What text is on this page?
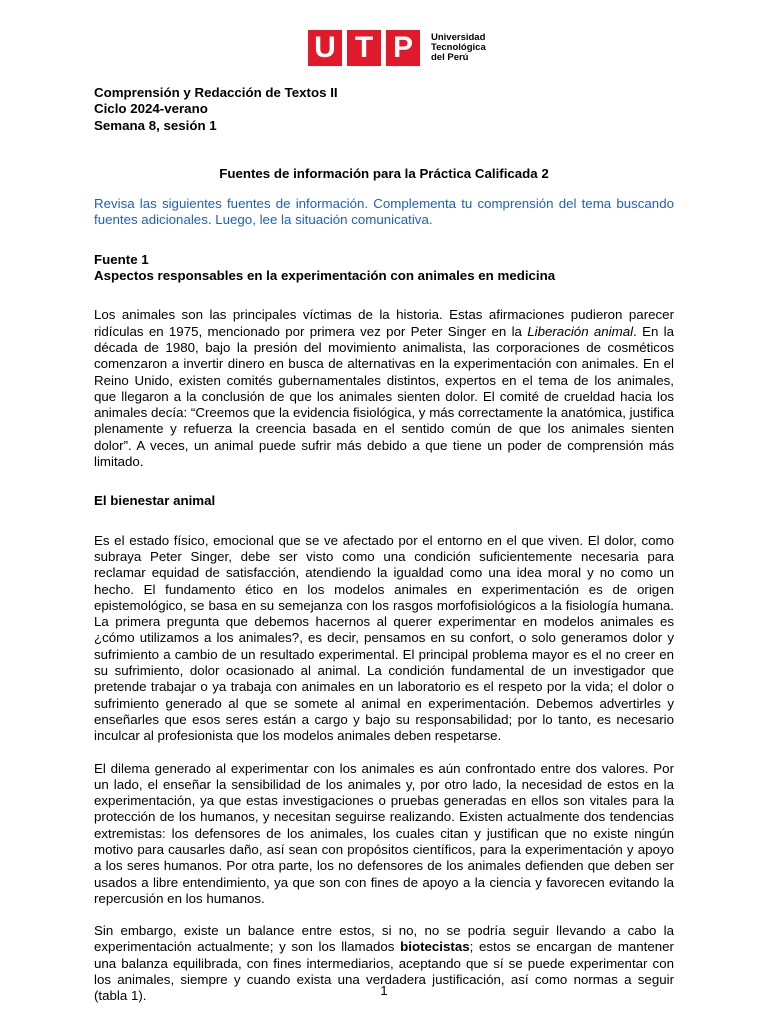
U T P	Universidad
Tecnológica
del Perú
Comprensión y Redacción de Textos II
Ciclo 2024-verano
Semana 8, sesión 1
Fuentes de información para la Práctica Calificada 2

Revisa las siguientes fuentes de información. Complementa tu comprensión del tema buscando fuentes adicionales. Luego, lee la situación comunicativa.

Fuente 1
Aspectos responsables en la experimentación con animales en medicina

Los animales son las principales víctimas de la historia. Estas afirmaciones pudieron parecer ridículas en 1975, mencionado por primera vez por Peter Singer en la Liberación animal. En la década de 1980, bajo la presión del movimiento animalista, las corporaciones de cosméticos comenzaron a invertir dinero en busca de alternativas en la experimentación con animales. En el Reino Unido, existen comités gubernamentales distintos, expertos en el tema de los animales, que llegaron a la conclusión de que los animales sienten dolor. El comité de crueldad hacia los animales decía: “Creemos que la evidencia fisiológica, y más correctamente la anatómica, justifica plenamente y refuerza la creencia basada en el sentido común de que los animales sienten dolor”. A veces, un animal puede sufrir más debido a que tiene un poder de comprensión más limitado.

El bienestar animal

Es el estado físico, emocional que se ve afectado por el entorno en el que viven. El dolor, como subraya Peter Singer, debe ser visto como una condición suficientemente necesaria para reclamar equidad de satisfacción, atendiendo la igualdad como una idea moral y no como un hecho. El fundamento ético en los modelos animales en experimentación es de origen epistemológico, se basa en su semejanza con los rasgos morfofisiológicos a la fisiología humana. La primera pregunta que debemos hacernos al querer experimentar en modelos animales es ¿cómo utilizamos a los animales?, es decir, pensamos en su confort, o solo generamos dolor y sufrimiento a cambio de un resultado experimental. El principal problema mayor es el no creer en su sufrimiento, dolor ocasionado al animal. La condición fundamental de un investigador que pretende trabajar o ya trabaja con animales en un laboratorio es el respeto por la vida; el dolor o sufrimiento generado al que se somete al animal en experimentación. Debemos advertirles y enseñarles que esos seres están a cargo y bajo su responsabilidad; por lo tanto, es necesario inculcar al profesionista que los modelos animales deben respetarse.

El dilema generado al experimentar con los animales es aún confrontado entre dos valores. Por un lado, el enseñar la sensibilidad de los animales y, por otro lado, la necesidad de estos en la experimentación, ya que estas investigaciones o pruebas generadas en ellos son vitales para la protección de los humanos, y necesitan seguirse realizando. Existen actualmente dos tendencias extremistas: los defensores de los animales, los cuales citan y justifican que no existe ningún motivo para causarles daño, así sean con propósitos científicos, para la experimentación y apoyo a los seres humanos. Por otra parte, los no defensores de los animales defienden que deben ser usados a libre entendimiento, ya que son con fines de apoyo a la ciencia y favorecen evitando la repercusión en los humanos.

Sin embargo, existe un balance entre estos, si no, no se podría seguir llevando a cabo la experimentación actualmente; y son los llamados biotecistas; estos se encargan de mantener una balanza equilibrada, con fines intermediarios, aceptando que sí se puede experimentar con los animales, siempre y cuando exista una verdadera justificación, así como normas a seguir (tabla 1).	1
